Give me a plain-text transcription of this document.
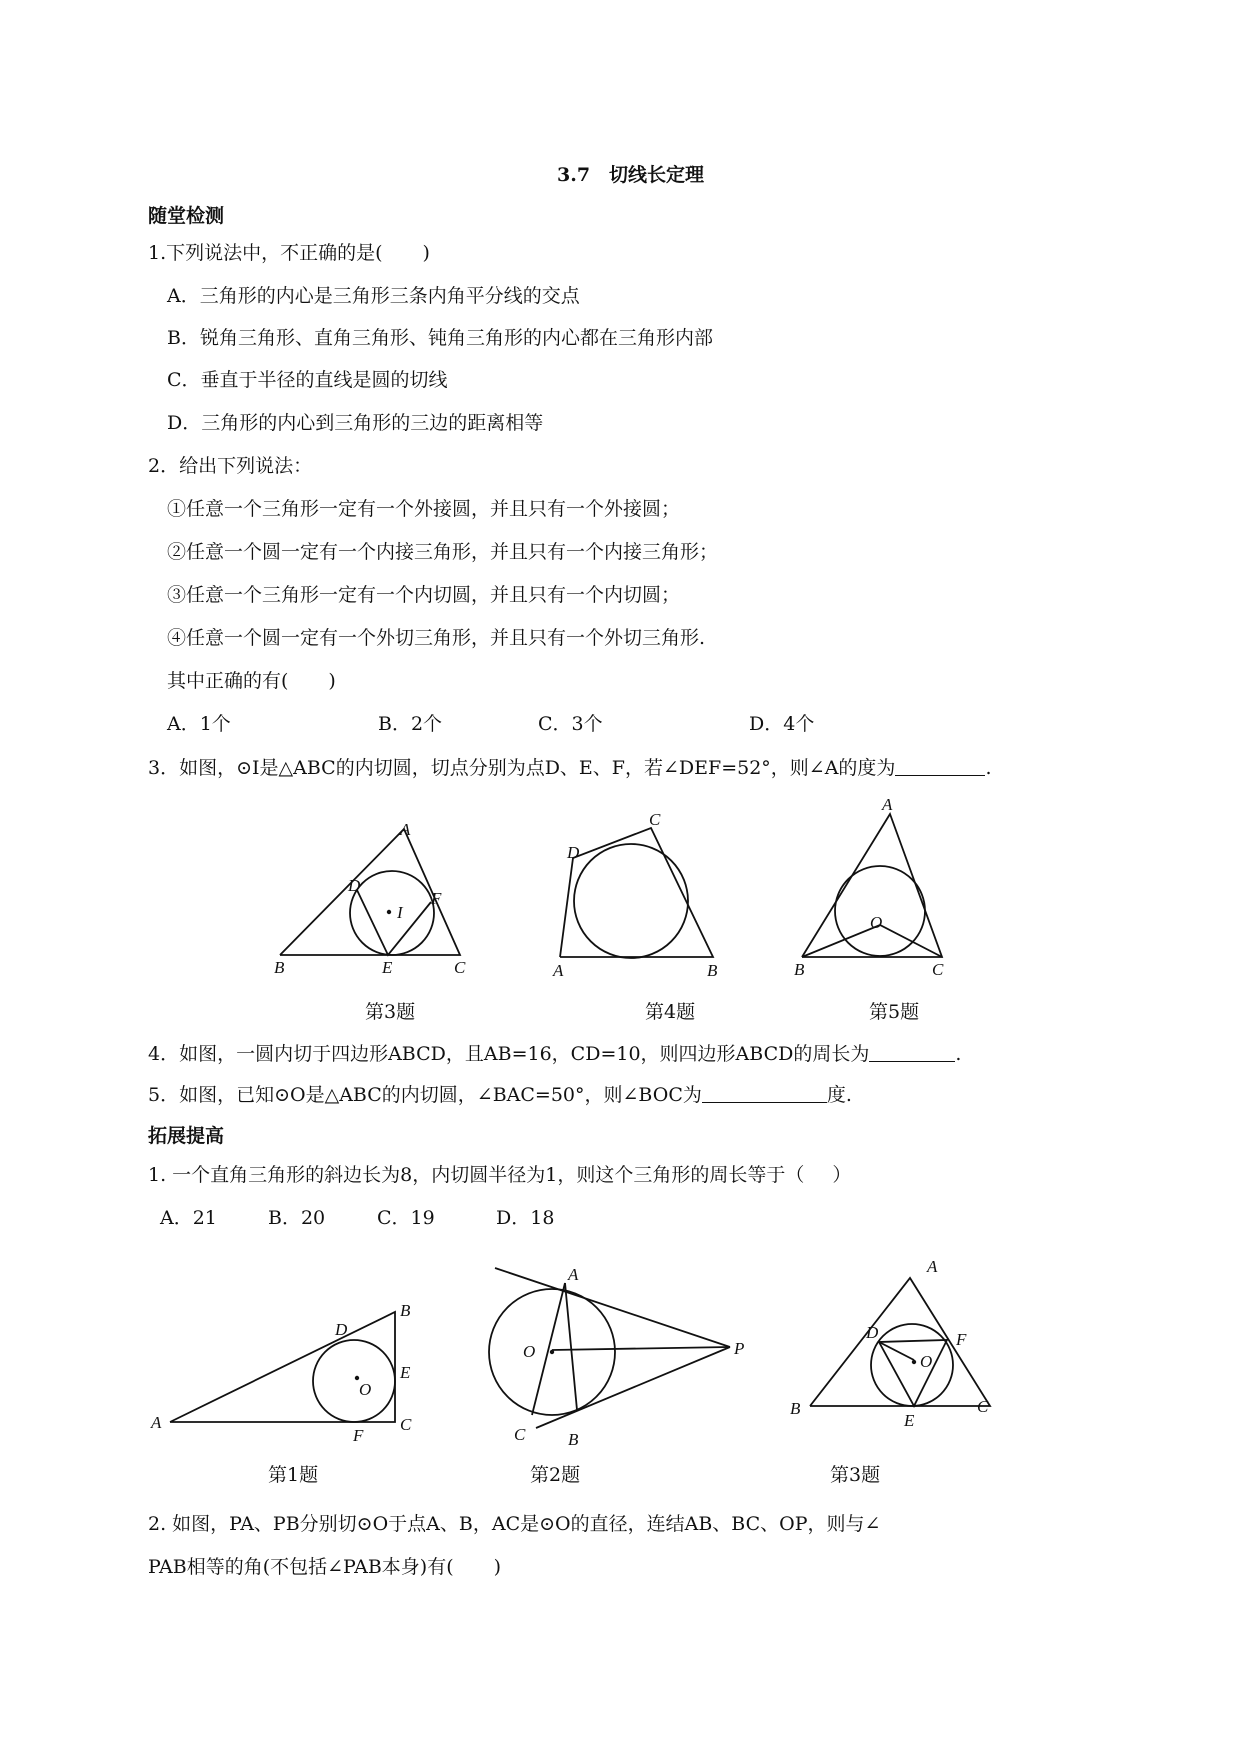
3.7　切线长定理
随堂检测
1.下列说法中，不正确的是( )
A．三角形的内心是三角形三条内角平分线的交点
B．锐角三角形、直角三角形、钝角三角形的内心都在三角形内部
C．垂直于半径的直线是圆的切线
D．三角形的内心到三角形的三边的距离相等
2．给出下列说法：
①任意一个三角形一定有一个外接圆，并且只有一个外接圆；
②任意一个圆一定有一个内接三角形，并且只有一个内接三角形；
③任意一个三角形一定有一个内切圆，并且只有一个内切圆；
④任意一个圆一定有一个外切三角形，并且只有一个外切三角形.
其中正确的有( )
A．1个	B．2个	C．3个	D．4个
3．如图，⊙I是△ABC的内切圆，切点分别为点D、E、F，若∠DEF=52°，则∠A的度为	.
A
B	C
D
E
F
I
第3题
A	B
C
D
第4题
A
B	C
O
第5题
4．如图，一圆内切于四边形ABCD，且AB=16，CD=10，则四边形ABCD的周长为	.
5．如图，已知⊙O是△ABC的内切圆，∠BAC=50°，则∠BOC为	度.
拓展提高
1. 一个直角三角形的斜边长为8，内切圆半径为1，则这个三角形的周长等于（ ）
A．21	B．20	C．19	D．18
A
B
C
D
E
F
O
第1题
A
B
C
O	P
第2题
A
B	C
D
E
F
O
第3题
2. 如图，PA、PB分别切⊙O于点A、B，AC是⊙O的直径，连结AB、BC、OP，则与∠
PAB相等的角(不包括∠PAB本身)有( )
